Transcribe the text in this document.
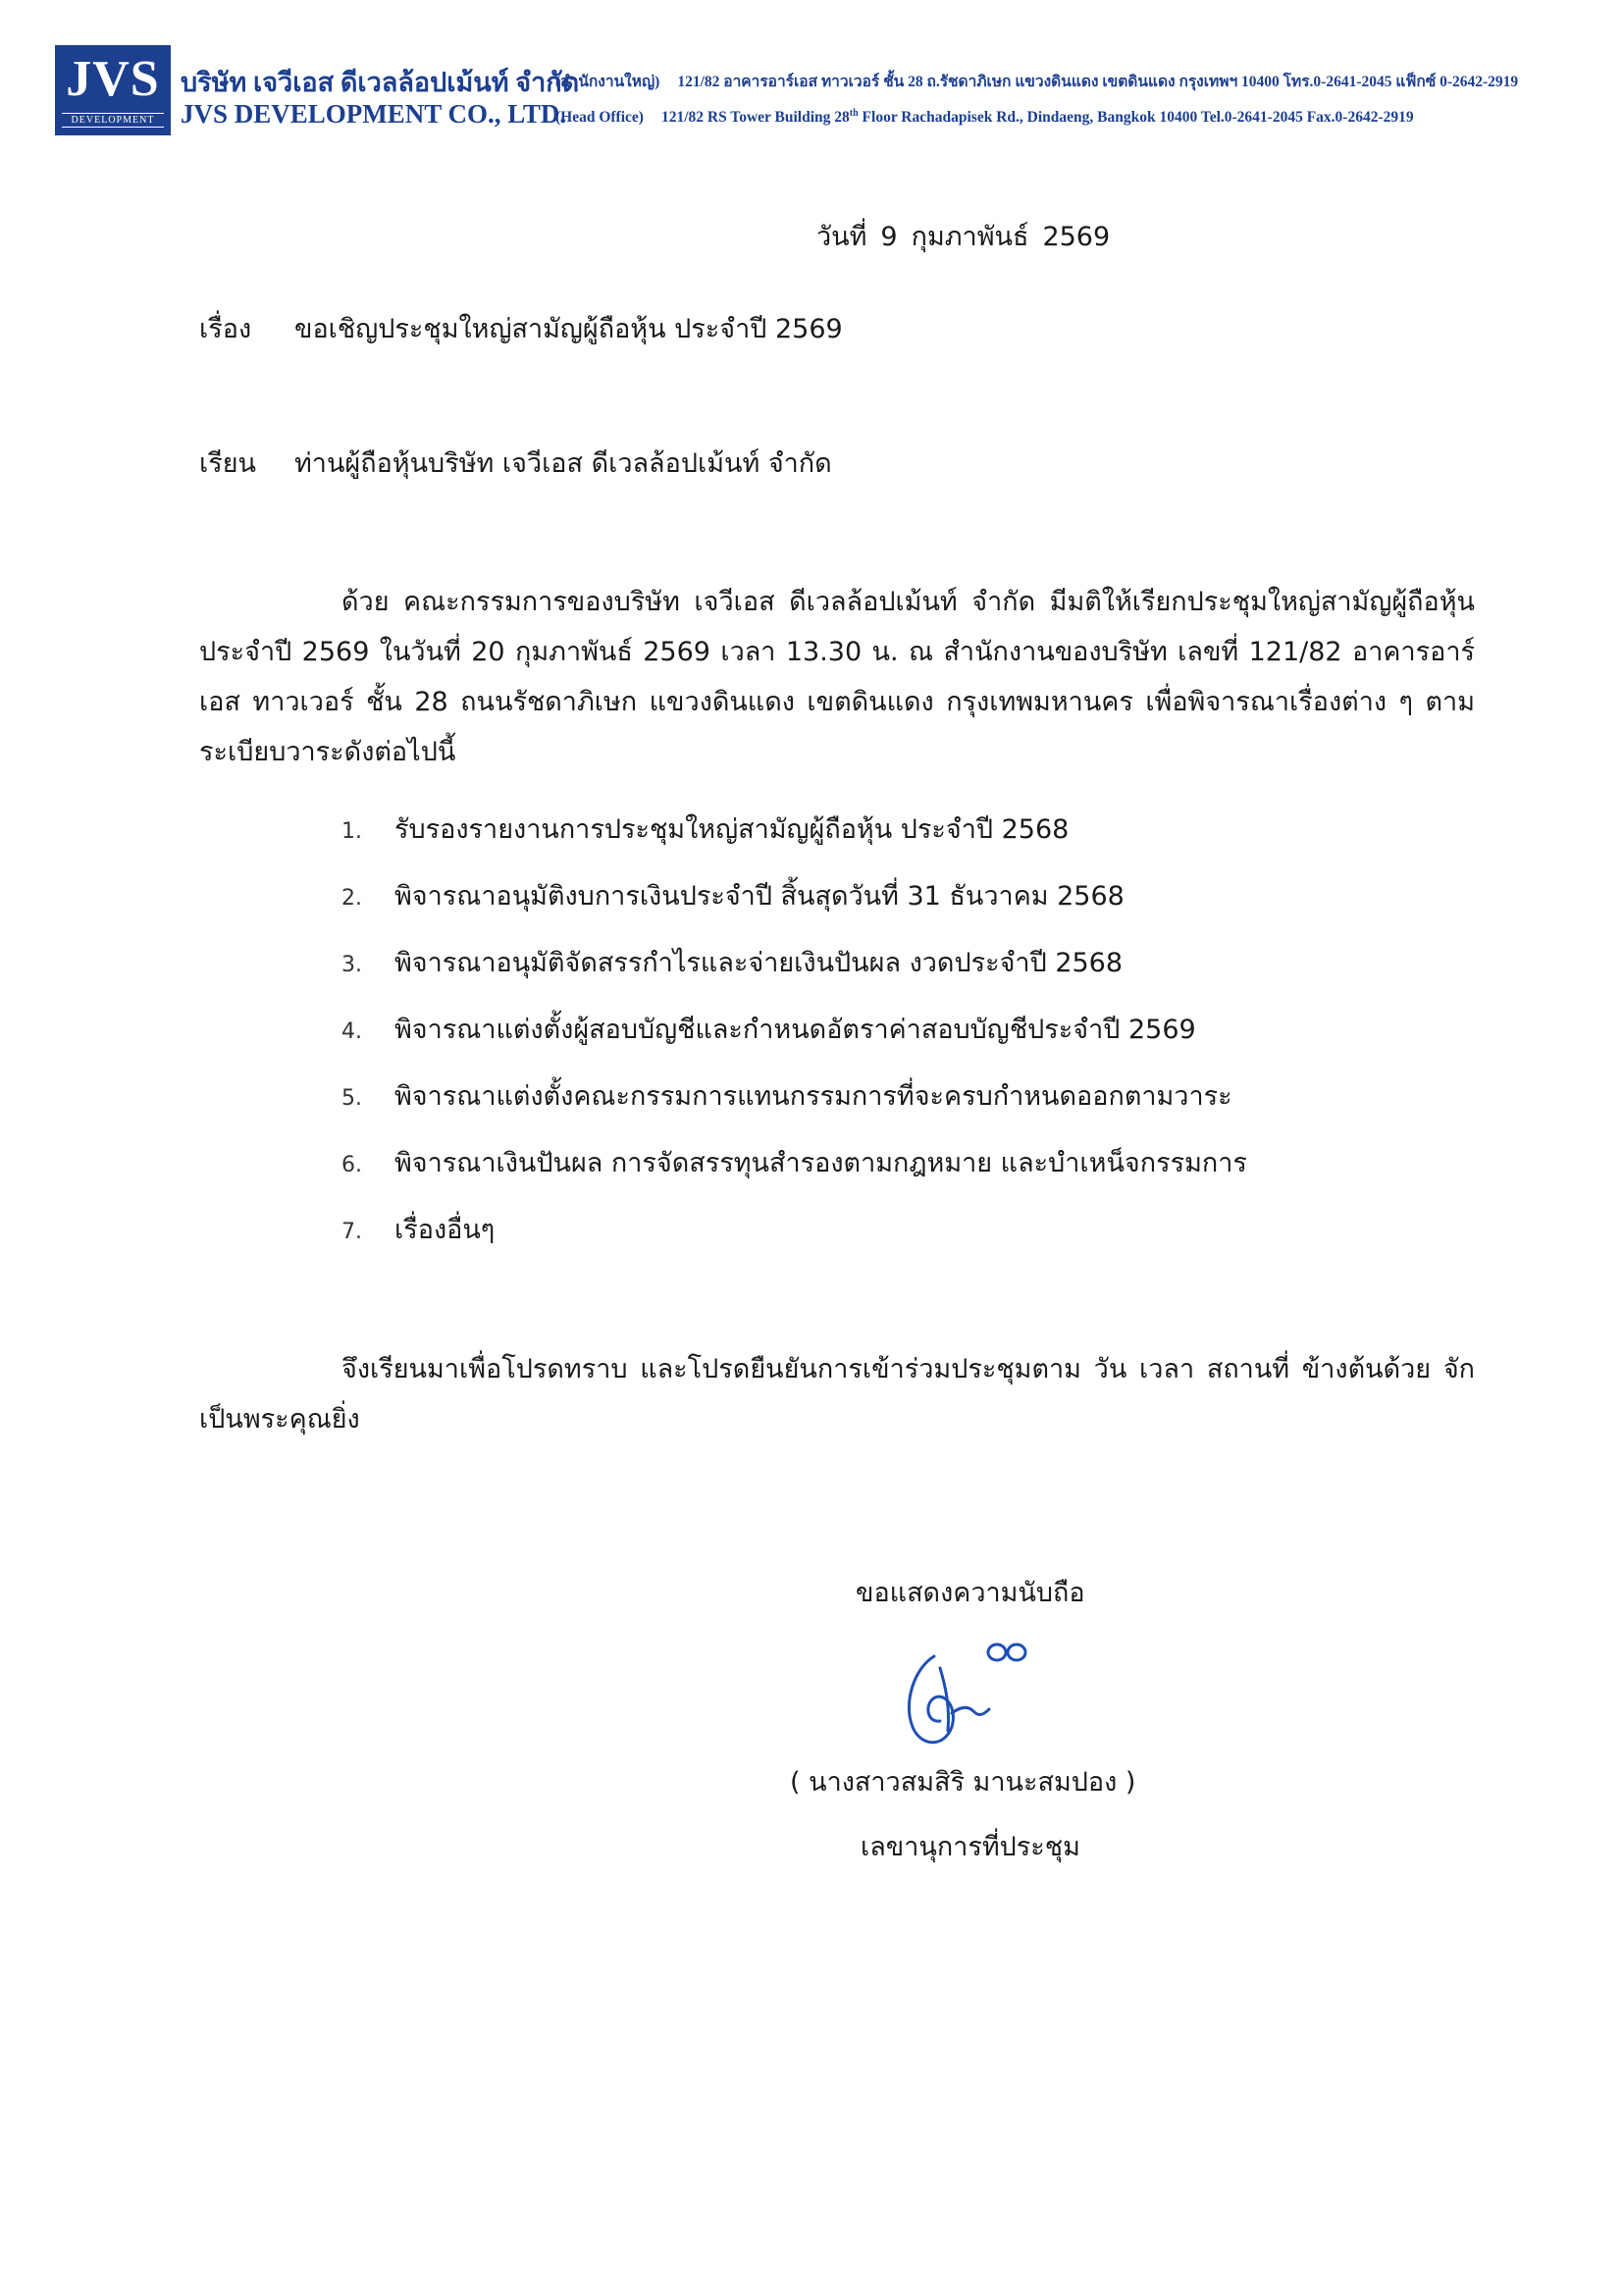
JVS
DEVELOPMENT
บริษัท เจวีเอส ดีเวลล้อปเม้นท์ จำกัด
JVS DEVELOPMENT CO., LTD.
(สำนักงานใหญ่) 121/82 อาคารอาร์เอส ทาวเวอร์ ชั้น 28 ถ.รัชดาภิเษก แขวงดินแดง เขตดินแดง กรุงเทพฯ 10400 โทร.0-2641-2045 แฟ็กซ์ 0-2642-2919
(Head Office) 121/82 RS Tower Building 28th Floor Rachadapisek Rd., Dindaeng, Bangkok 10400 Tel.0-2641-2045 Fax.0-2642-2919
วันที่ 9 กุมภาพันธ์ 2569
เรื่อง ขอเชิญประชุมใหญ่สามัญผู้ถือหุ้น ประจำปี 2569
เรียน ท่านผู้ถือหุ้นบริษัท เจวีเอส ดีเวลล้อปเม้นท์ จำกัด
ด้วย คณะกรรมการของบริษัท เจวีเอส ดีเวลล้อปเม้นท์ จำกัด มีมติให้เรียกประชุมใหญ่สามัญผู้ถือหุ้น ประจำปี 2569 ในวันที่ 20 กุมภาพันธ์ 2569 เวลา 13.30 น. ณ สำนักงานของบริษัท เลขที่ 121/82 อาคารอาร์เอส ทาวเวอร์ ชั้น 28 ถนนรัชดาภิเษก แขวงดินแดง เขตดินแดง กรุงเทพมหานคร เพื่อพิจารณาเรื่องต่าง ๆ ตามระเบียบวาระดังต่อไปนี้
1. รับรองรายงานการประชุมใหญ่สามัญผู้ถือหุ้น ประจำปี 2568
2. พิจารณาอนุมัติงบการเงินประจำปี สิ้นสุดวันที่ 31 ธันวาคม 2568
3. พิจารณาอนุมัติจัดสรรกำไรและจ่ายเงินปันผล งวดประจำปี 2568
4. พิจารณาแต่งตั้งผู้สอบบัญชีและกำหนดอัตราค่าสอบบัญชีประจำปี 2569
5. พิจารณาแต่งตั้งคณะกรรมการแทนกรรมการที่จะครบกำหนดออกตามวาระ
6. พิจารณาเงินปันผล การจัดสรรทุนสำรองตามกฎหมาย และบำเหน็จกรรมการ
7. เรื่องอื่นๆ
จึงเรียนมาเพื่อโปรดทราบ และโปรดยืนยันการเข้าร่วมประชุมตาม วัน เวลา สถานที่ ข้างต้นด้วย จักเป็นพระคุณยิ่ง
ขอแสดงความนับถือ
( นางสาวสมสิริ มานะสมปอง )
เลขานุการที่ประชุม
